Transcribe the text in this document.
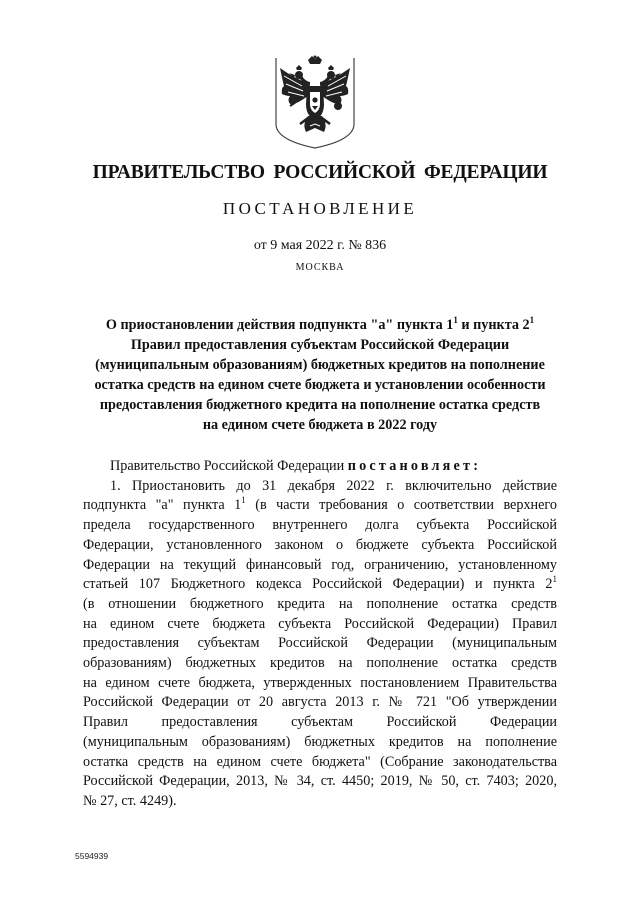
ПРАВИТЕЛЬСТВО РОССИЙСКОЙ ФЕДЕРАЦИИ
ПОСТАНОВЛЕНИЕ
от 9 мая 2022 г. № 836
МОСКВА
О приостановлении действия подпункта "а" пункта $1^1$ и пункта $2^1$
Правил предоставления субъектам Российской Федерации
(муниципальным образованиям) бюджетных кредитов на пополнение
остатка средств на едином счете бюджета и установлении особенности
предоставления бюджетного кредита на пополнение остатка средств
на едином счете бюджета в 2022 году
Правительство Российской Федерации постановляет:
1. Приостановить до 31 декабря 2022 г. включительно действие
подпункта "а" пункта $1^1$ (в части требования о соответствии верхнего
предела государственного внутреннего долга субъекта Российской
Федерации, установленного законом о бюджете субъекта Российской
Федерации на текущий финансовый год, ограничению, установленному
статьей 107 Бюджетного кодекса Российской Федерации) и пункта $2^1$
(в отношении бюджетного кредита на пополнение остатка средств
на едином счете бюджета субъекта Российской Федерации) Правил
предоставления субъектам Российской Федерации (муниципальным
образованиям) бюджетных кредитов на пополнение остатка средств
на едином счете бюджета, утвержденных постановлением Правительства
Российской Федерации от 20 августа 2013 г. № 721 "Об утверждении
Правил предоставления субъектам Российской Федерации
(муниципальным образованиям) бюджетных кредитов на пополнение
остатка средств на едином счете бюджета" (Собрание законодательства
Российской Федерации, 2013, № 34, ст. 4450; 2019, № 50, ст. 7403; 2020,
№ 27, ст. 4249).
5594939
